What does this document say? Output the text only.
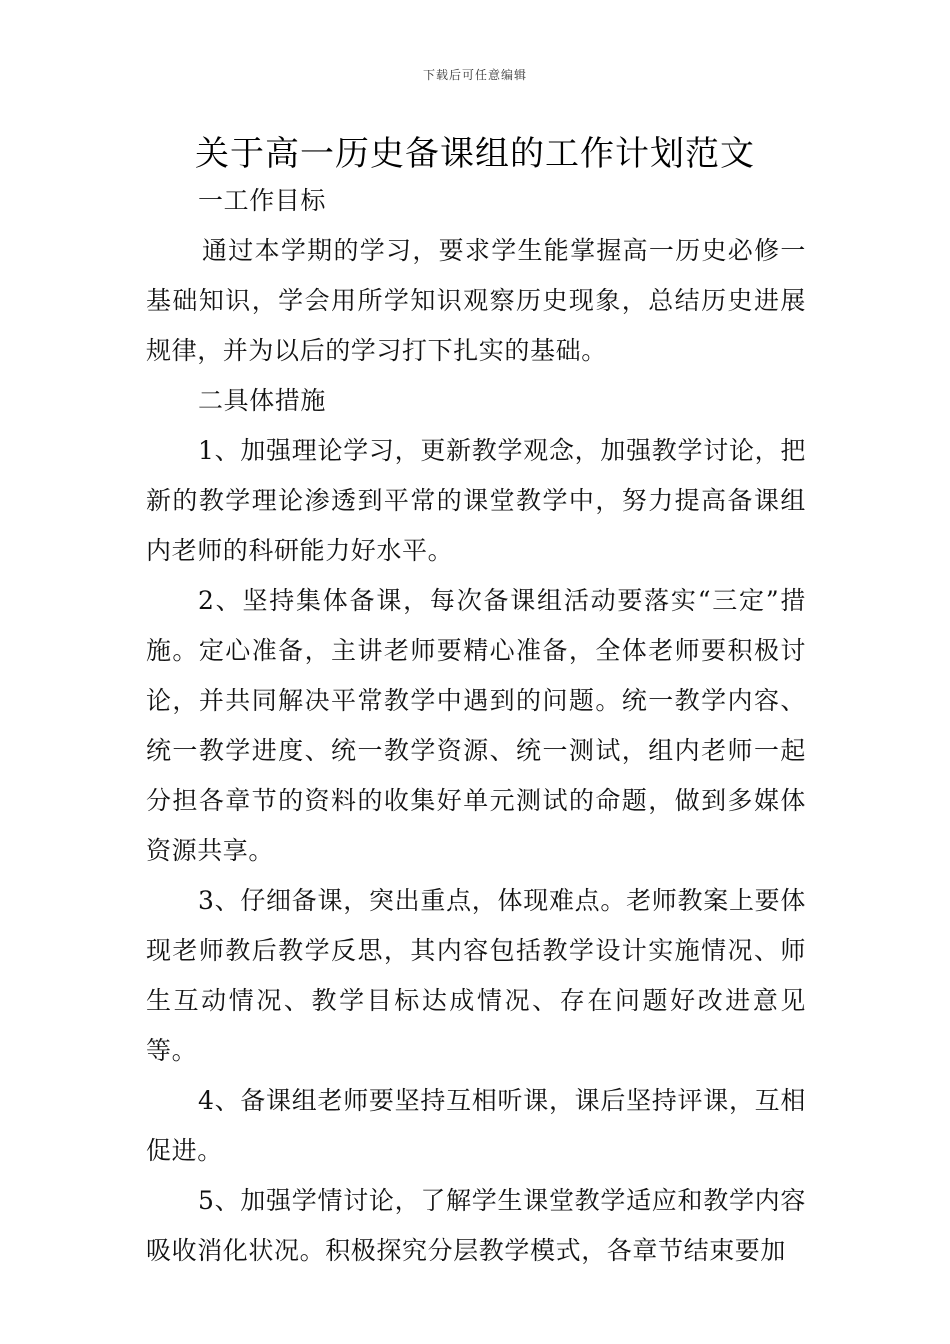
下载后可任意编辑
关于高一历史备课组的工作计划范文
一工作目标

通过本学期的学习，要求学生能掌握高一历史必修一基础知识，学会用所学知识观察历史现象，总结历史进展规律，并为以后的学习打下扎实的基础。

二具体措施

1、加强理论学习，更新教学观念，加强教学讨论，把新的教学理论渗透到平常的课堂教学中，努力提高备课组内老师的科研能力好水平。

2、坚持集体备课，每次备课组活动要落实“三定”措施。定心准备，主讲老师要精心准备，全体老师要积极讨论，并共同解决平常教学中遇到的问题。统一教学内容、统一教学进度、统一教学资源、统一测试，组内老师一起分担各章节的资料的收集好单元测试的命题，做到多媒体资源共享。

3、仔细备课，突出重点，体现难点。老师教案上要体现老师教后教学反思，其内容包括教学设计实施情况、师生互动情况、教学目标达成情况、存在问题好改进意见等。

4、备课组老师要坚持互相听课，课后坚持评课，互相促进。

5、加强学情讨论，了解学生课堂教学适应和教学内容吸收消化状况。积极探究分层教学模式，各章节结束要加
